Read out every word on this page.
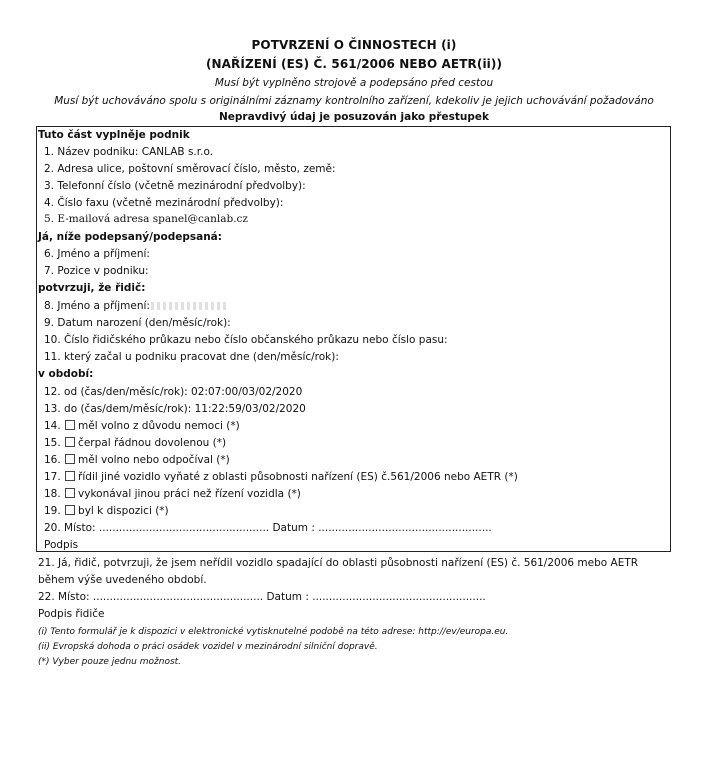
POTVRZENÍ O ČINNOSTECH (i)
(NAŘÍZENÍ (ES) Č. 561/2006 NEBO AETR(ii))
Musí být vyplněno strojově a podepsáno před cestou
Musí být uchováváno spolu s originálními záznamy kontrolního zařízení, kdekoliv je jejich uchovávání požadováno
Nepravdivý údaj je posuzován jako přestupek
Tuto část vyplněje podnik
1. Název podniku: CANLAB s.r.o.
2. Adresa ulice, poštovní směrovací číslo, město, země:
3. Telefonní číslo (včetně mezinárodní předvolby):
4. Číslo faxu (včetně mezinárodní předvolby):
5. E-mailová adresa spanel@canlab.cz
Já, níže podepsaný/podepsaná:
6. Jméno a příjmení:
7. Pozice v podniku:
potvrzuji, že řidič:
8. Jméno a příjmení:
9. Datum narození (den/měsíc/rok):
10. Číslo řidičského průkazu nebo číslo občanského průkazu nebo číslo pasu:
11. který začal u podniku pracovat dne (den/měsíc/rok):
v období:
12. od (čas/den/měsíc/rok): 02:07:00/03/02/2020
13. do (čas/dem/měsíc/rok): 11:22:59/03/02/2020
14. měl volno z důvodu nemoci (*)
15. čerpal řádnou dovolenou (*)
16. měl volno nebo odpočíval (*)
17. řídil jiné vozidlo vyňaté z oblasti působnosti nařízení (ES) č.561/2006 nebo AETR (*)
18. vykonával jinou práci než řízení vozidla (*)
19. byl k dispozici (*)
20. Místo: ................................................... Datum : ....................................................
Podpis
21. Já, řidič, potvrzuji, že jsem neřídil vozidlo spadající do oblasti působnosti nařízení (ES) č. 561/2006 mebo AETR
během výše uvedeného období.
22. Místo: ................................................... Datum : ....................................................
Podpis řidiče
(i) Tento formulář je k dispozici v elektronické vytisknutelné podobě na této adrese: http://ev/europa.eu.
(ii) Evropská dohoda o práci osádek vozidel v mezinárodní silniční dopravě.
(*) Vyber pouze jednu možnost.
